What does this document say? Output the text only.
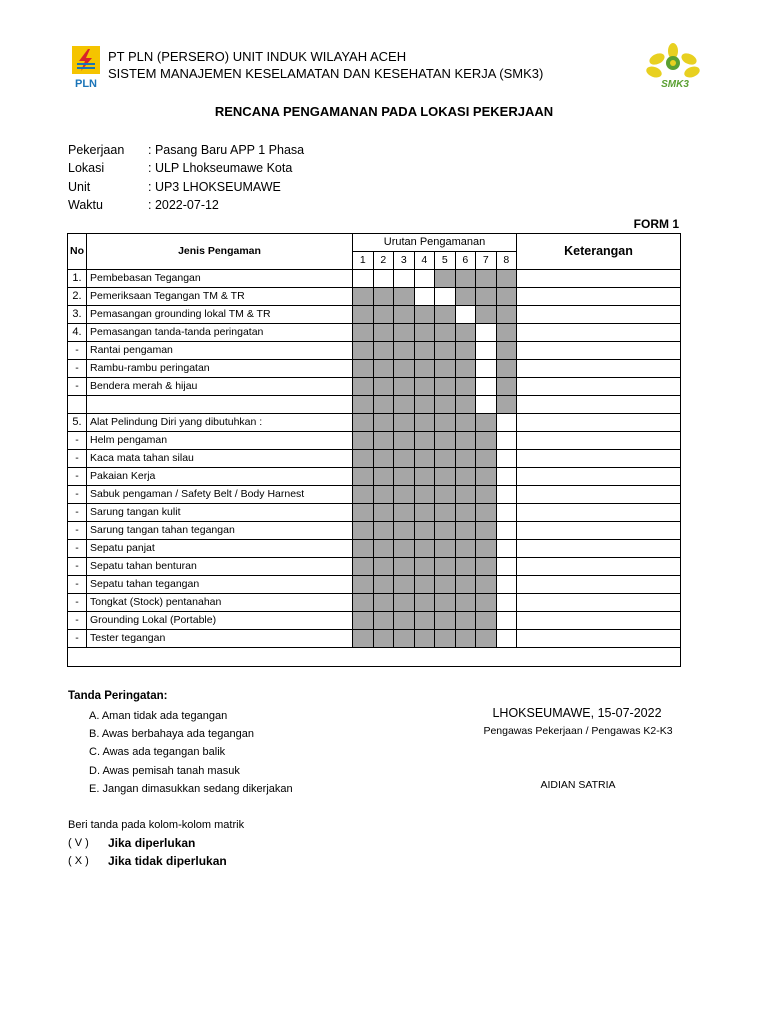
PLN
PT PLN (PERSERO) UNIT INDUK WILAYAH ACEH
SISTEM MANAJEMEN KESELAMATAN DAN KESEHATAN KERJA (SMK3)
SMK3
RENCANA PENGAMANAN PADA LOKASI PEKERJAAN
Pekerjaan : Pasang Baru APP 1 Phasa
Lokasi	: ULP Lhokseumawe Kota
Unit	: UP3 LHOKSEUMAWE
Waktu	: 2022-07-12
FORM 1
No	Jenis Pengaman	Urutan Pengamanan								Keterangan
		1	2	3	4	5	6	7	8	
1.	Pembebasan Tegangan									
2.	Pemeriksaan Tegangan TM & TR									
3.	Pemasangan grounding lokal TM & TR									
4.	Pemasangan tanda-tanda peringatan									
-	Rantai pengaman									
-	Rambu-rambu peringatan									
-	Bendera merah & hijau									

5.	Alat Pelindung Diri yang dibutuhkan :									
-	Helm pengaman									
-	Kaca mata tahan silau									
-	Pakaian Kerja									
-	Sabuk pengaman / Safety Belt / Body Harnest									
-	Sarung tangan kulit									
-	Sarung tangan tahan tegangan									
-	Sepatu panjat									
-	Sepatu tahan benturan									
-	Sepatu tahan tegangan									
-	Tongkat (Stock) pentanahan									
-	Grounding Lokal (Portable)									
-	Tester tegangan									

Tanda Peringatan:
A. Aman tidak ada tegangan
B. Awas berbahaya ada tegangan
C. Awas ada tegangan balik
D. Awas pemisah tanah masuk
E. Jangan dimasukkan sedang dikerjakan
LHOKSEUMAWE, 15-07-2022
Pengawas Pekerjaan / Pengawas K2-K3
AIDIAN SATRIA
Beri tanda pada kolom-kolom matrik
( V ) Jika diperlukan
( X ) Jika tidak diperlukan
